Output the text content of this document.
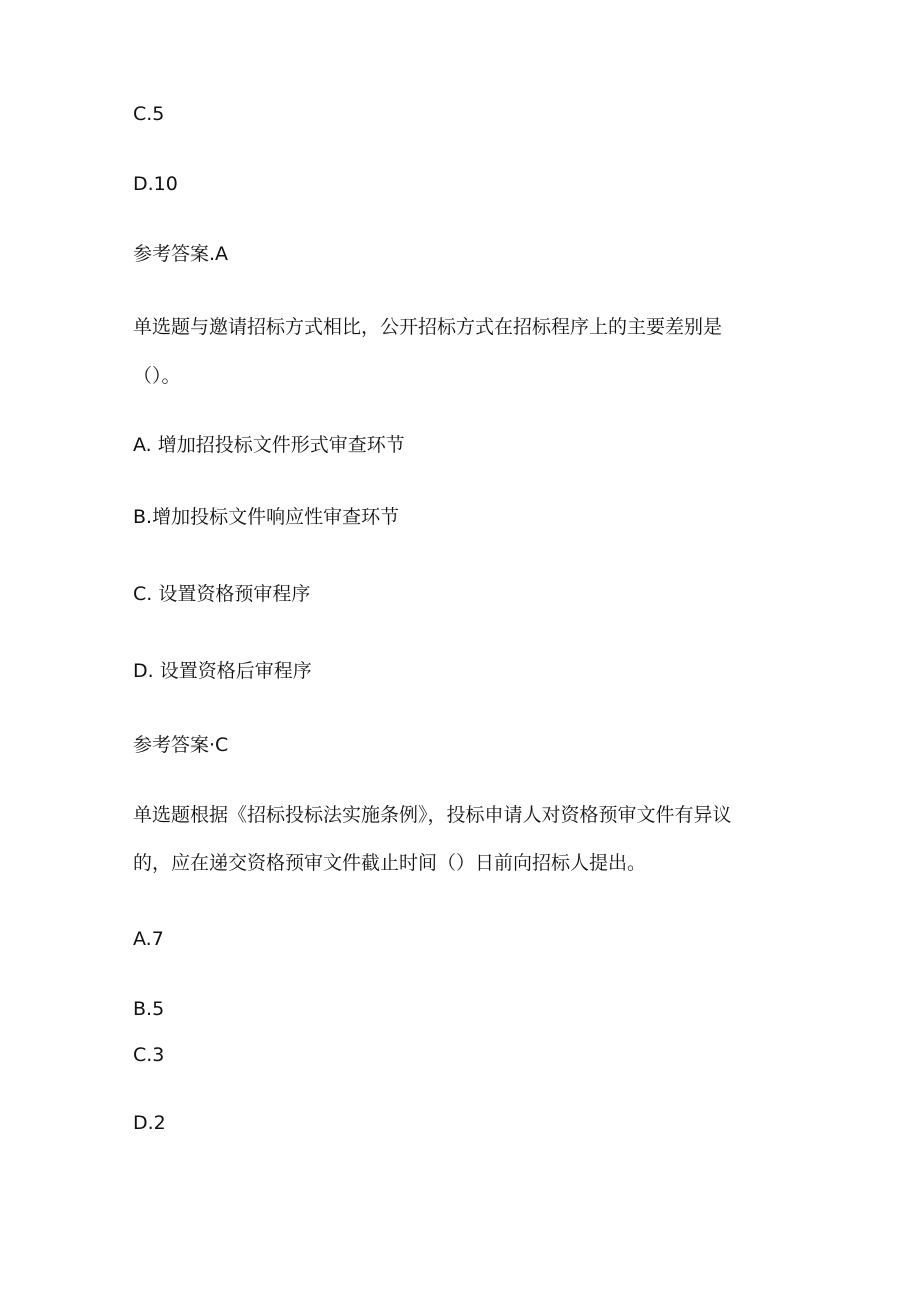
C.5

D.10

参考答案.A

单选题与邀请招标方式相比，公开招标方式在招标程序上的主要差别是

（）。

A. 增加招投标文件形式审查环节

B.增加投标文件响应性审查环节

C. 设置资格预审程序

D. 设置资格后审程序

参考答案·C

单选题根据《招标投标法实施条例》，投标申请人对资格预审文件有异议

的，应在递交资格预审文件截止时间（）日前向招标人提出。

A.7

B.5

C.3

D.2
